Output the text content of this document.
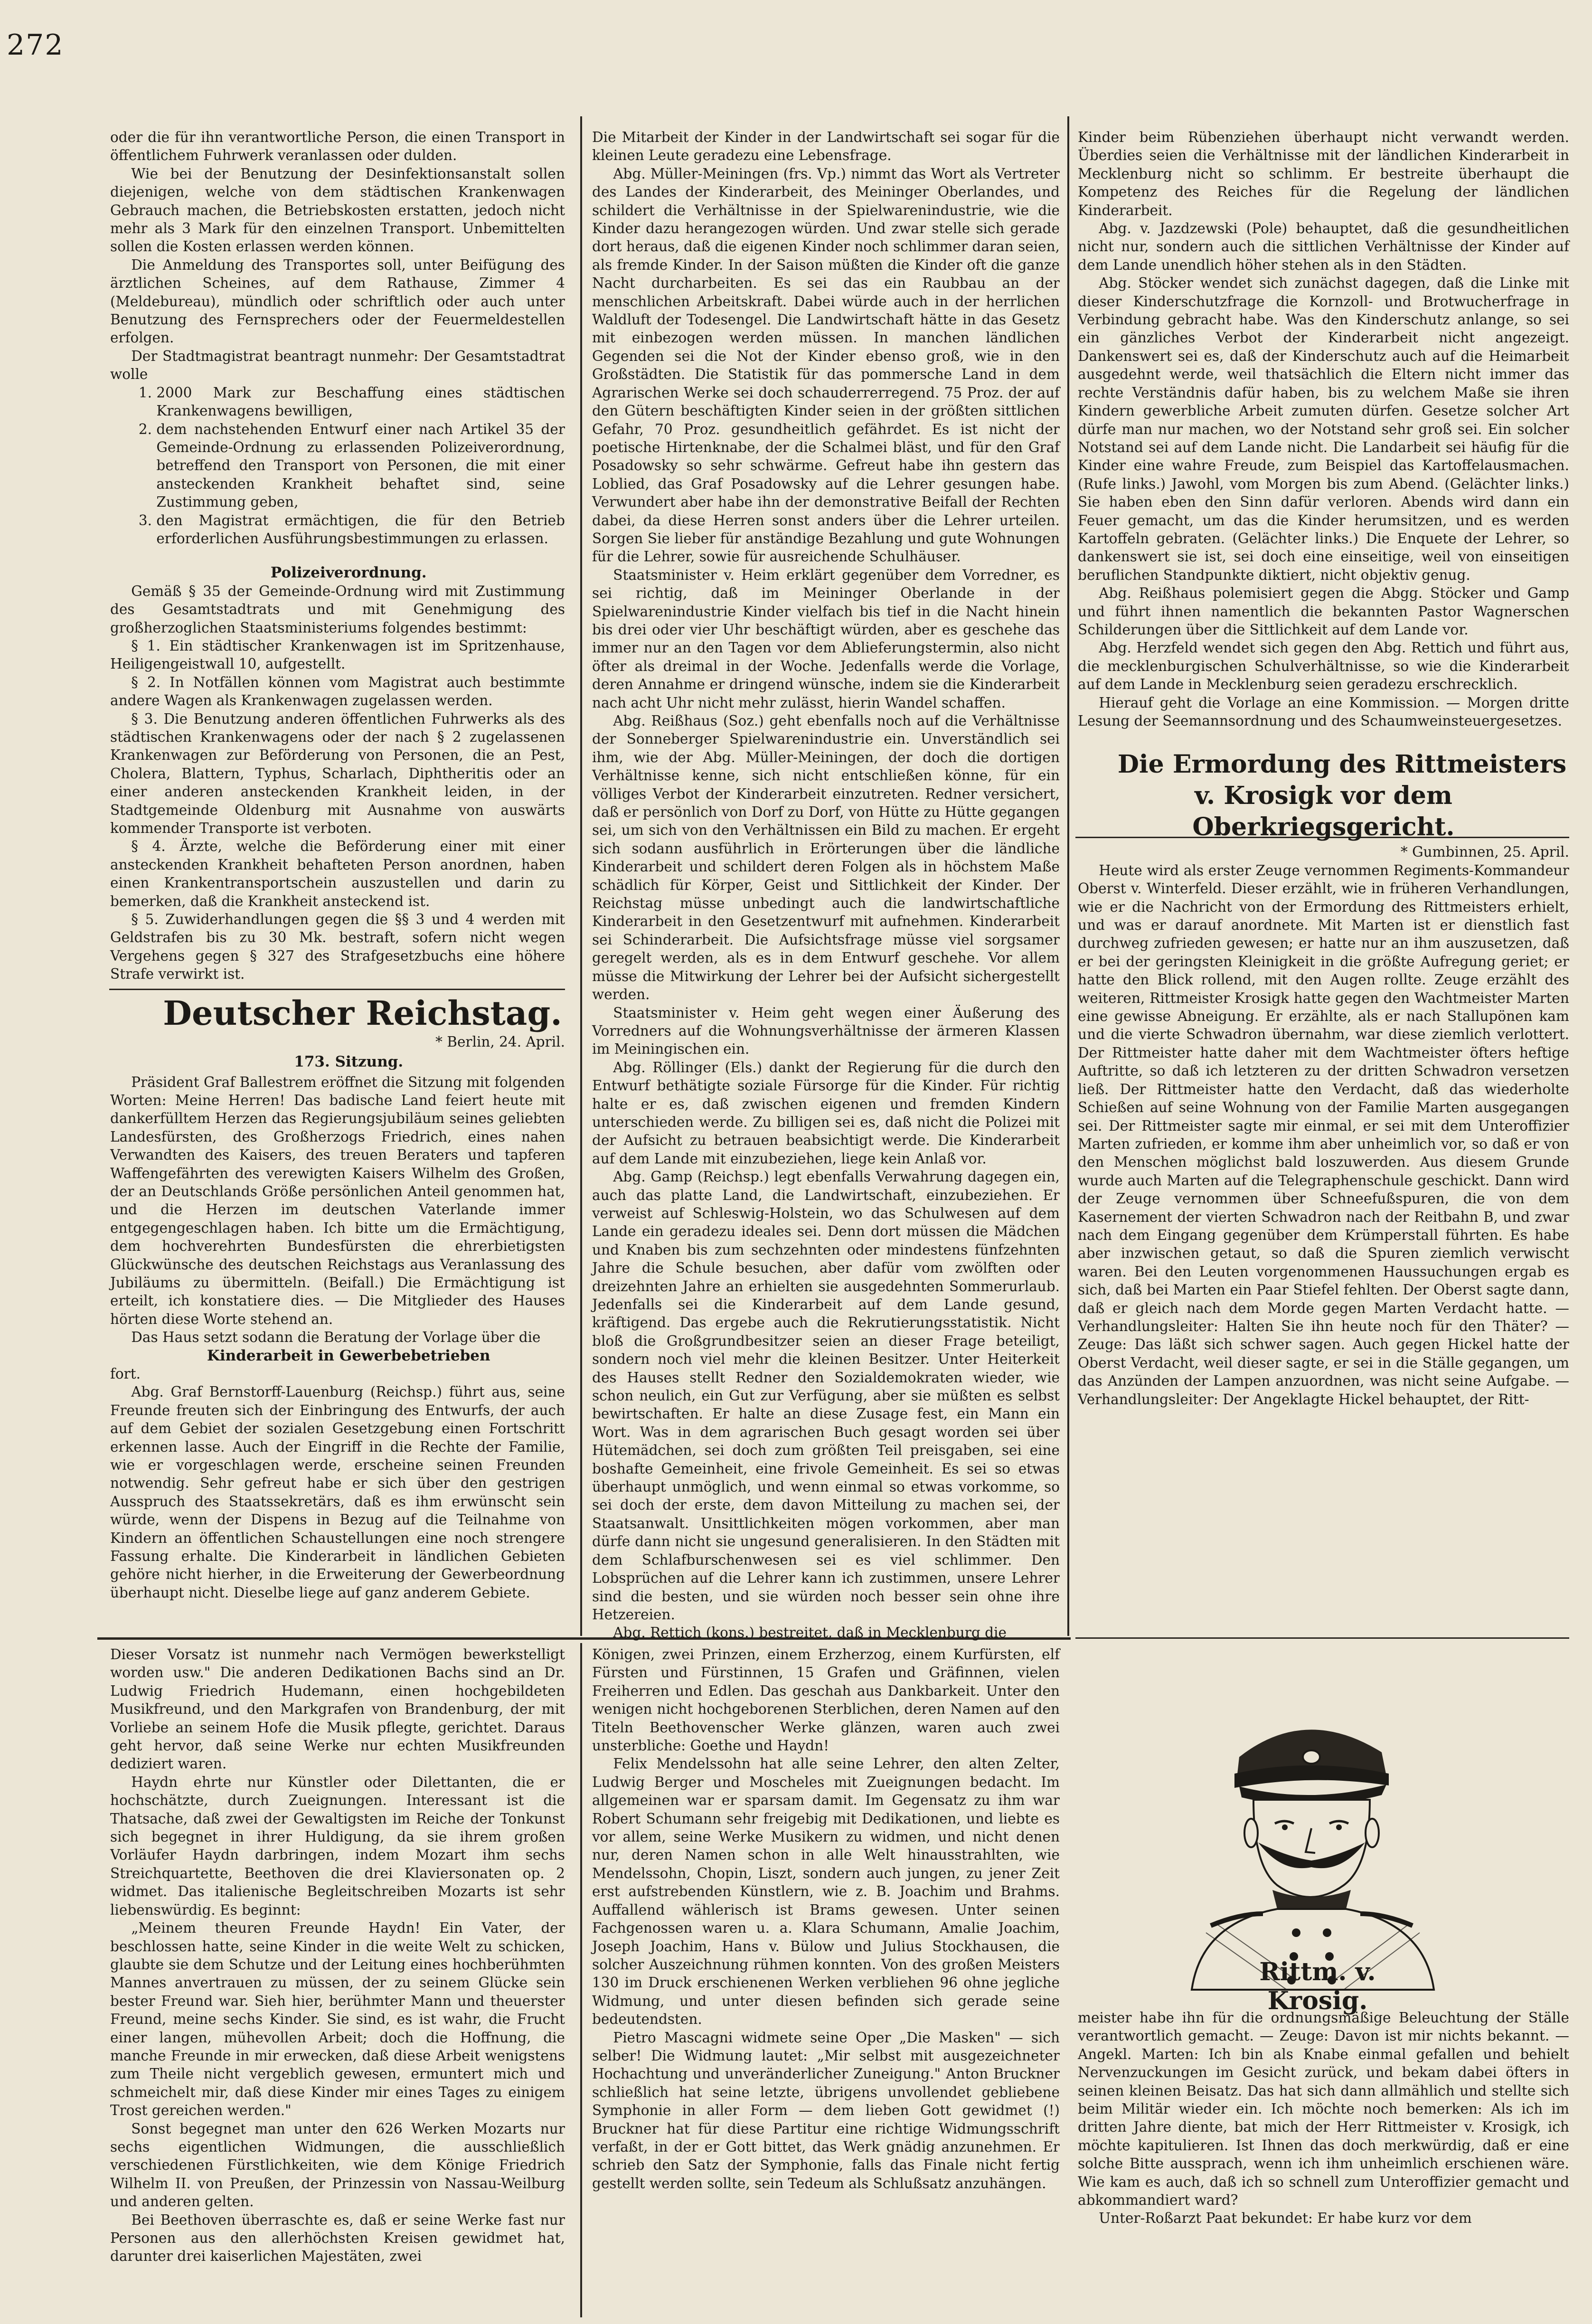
272

oder die für ihn verantwortliche Person, die einen Transport in öffentlichem Fuhrwerk veranlassen oder dulden.

Wie bei der Benutzung der Desinfektionsanstalt sollen diejenigen, welche von dem städtischen Krankenwagen Gebrauch machen, die Betriebskosten erstatten, jedoch nicht mehr als 3 Mark für den einzelnen Transport. Unbemittelten sollen die Kosten erlassen werden können.

Die Anmeldung des Transportes soll, unter Beifügung des ärztlichen Scheines, auf dem Rathause, Zimmer 4 (Meldebureau), mündlich oder schriftlich oder auch unter Benutzung des Fernsprechers oder der Feuermeldestellen erfolgen.

Der Stadtmagistrat beantragt nunmehr: Der Gesamtstadtrat wolle

1. 2000 Mark zur Beschaffung eines städtischen Krankenwagens bewilligen,
2. dem nachstehenden Entwurf einer nach Artikel 35 der Gemeinde-Ordnung zu erlassenden Polizeiverordnung, betreffend den Transport von Personen, die mit einer ansteckenden Krankheit behaftet sind, seine Zustimmung geben,
3. den Magistrat ermächtigen, die für den Betrieb erforderlichen Ausführungsbestimmungen zu erlassen.

Polizeiverordnung.

Gemäß § 35 der Gemeinde-Ordnung wird mit Zustimmung des Gesamtstadtrats und mit Genehmigung des großherzoglichen Staatsministeriums folgendes bestimmt:

§ 1. Ein städtischer Krankenwagen ist im Spritzenhause, Heiligengeistwall 10, aufgestellt.

§ 2. In Notfällen können vom Magistrat auch bestimmte andere Wagen als Krankenwagen zugelassen werden.

§ 3. Die Benutzung anderen öffentlichen Fuhrwerks als des städtischen Krankenwagens oder der nach § 2 zugelassenen Krankenwagen zur Beförderung von Personen, die an Pest, Cholera, Blattern, Typhus, Scharlach, Diphtheritis oder an einer anderen ansteckenden Krankheit leiden, in der Stadtgemeinde Oldenburg mit Ausnahme von auswärts kommender Transporte ist verboten.

§ 4. Ärzte, welche die Beförderung einer mit einer ansteckenden Krankheit behafteten Person anordnen, haben einen Krankentransportschein auszustellen und darin zu bemerken, daß die Krankheit ansteckend ist.

§ 5. Zuwiderhandlungen gegen die §§ 3 und 4 werden mit Geldstrafen bis zu 30 Mk. bestraft, sofern nicht wegen Vergehens gegen § 327 des Strafgesetzbuchs eine höhere Strafe verwirkt ist.

Deutscher Reichstag.

* Berlin, 24. April.

173. Sitzung.

Präsident Graf Ballestrem eröffnet die Sitzung mit folgenden Worten: Meine Herren! Das badische Land feiert heute mit dankerfülltem Herzen das Regierungsjubiläum seines geliebten Landesfürsten, des Großherzogs Friedrich, eines nahen Verwandten des Kaisers, des treuen Beraters und tapferen Waffengefährten des verewigten Kaisers Wilhelm des Großen, der an Deutschlands Größe persönlichen Anteil genommen hat, und die Herzen im deutschen Vaterlande immer entgegengeschlagen haben. Ich bitte um die Ermächtigung, dem hochverehrten Bundesfürsten die ehrerbietigsten Glückwünsche des deutschen Reichstags aus Veranlassung des Jubiläums zu übermitteln. (Beifall.) Die Ermächtigung ist erteilt, ich konstatiere dies. — Die Mitglieder des Hauses hörten diese Worte stehend an.

Das Haus setzt sodann die Beratung der Vorlage über die

Kinderarbeit in Gewerbebetrieben

fort.

Abg. Graf Bernstorff-Lauenburg (Reichsp.) führt aus, seine Freunde freuten sich der Einbringung des Entwurfs, der auch auf dem Gebiet der sozialen Gesetzgebung einen Fortschritt erkennen lasse. Auch der Eingriff in die Rechte der Familie, wie er vorgeschlagen werde, erscheine seinen Freunden notwendig. Sehr gefreut habe er sich über den gestrigen Ausspruch des Staatssekretärs, daß es ihm erwünscht sein würde, wenn der Dispens in Bezug auf die Teilnahme von Kindern an öffentlichen Schaustellungen eine noch strengere Fassung erhalte. Die Kinderarbeit in ländlichen Gebieten gehöre nicht hierher, in die Erweiterung der Gewerbeordnung überhaupt nicht. Dieselbe liege auf ganz anderem Gebiete.

Die Mitarbeit der Kinder in der Landwirtschaft sei sogar für die kleinen Leute geradezu eine Lebensfrage.

Abg. Müller-Meiningen (frs. Vp.) nimmt das Wort als Vertreter des Landes der Kinderarbeit, des Meininger Oberlandes, und schildert die Verhältnisse in der Spielwarenindustrie, wie die Kinder dazu herangezogen würden. Und zwar stelle sich gerade dort heraus, daß die eigenen Kinder noch schlimmer daran seien, als fremde Kinder. In der Saison müßten die Kinder oft die ganze Nacht durcharbeiten. Es sei das ein Raubbau an der menschlichen Arbeitskraft. Dabei würde auch in der herrlichen Waldluft der Todesengel. Die Landwirtschaft hätte in das Gesetz mit einbezogen werden müssen. In manchen ländlichen Gegenden sei die Not der Kinder ebenso groß, wie in den Großstädten. Die Statistik für das pommersche Land in dem Agrarischen Werke sei doch schauderrerregend. 75 Proz. der auf den Gütern beschäftigten Kinder seien in der größten sittlichen Gefahr, 70 Proz. gesundheitlich gefährdet. Es ist nicht der poetische Hirtenknabe, der die Schalmei bläst, und für den Graf Posadowsky so sehr schwärme. Gefreut habe ihn gestern das Loblied, das Graf Posadowsky auf die Lehrer gesungen habe. Verwundert aber habe ihn der demonstrative Beifall der Rechten dabei, da diese Herren sonst anders über die Lehrer urteilen. Sorgen Sie lieber für anständige Bezahlung und gute Wohnungen für die Lehrer, sowie für ausreichende Schulhäuser.

Staatsminister v. Heim erklärt gegenüber dem Vorredner, es sei richtig, daß im Meininger Oberlande in der Spielwarenindustrie Kinder vielfach bis tief in die Nacht hinein bis drei oder vier Uhr beschäftigt würden, aber es geschehe das immer nur an den Tagen vor dem Ablieferungstermin, also nicht öfter als dreimal in der Woche. Jedenfalls werde die Vorlage, deren Annahme er dringend wünsche, indem sie die Kinderarbeit nach acht Uhr nicht mehr zulässt, hierin Wandel schaffen.

Abg. Reißhaus (Soz.) geht ebenfalls noch auf die Verhältnisse der Sonneberger Spielwarenindustrie ein. Unverständlich sei ihm, wie der Abg. Müller-Meiningen, der doch die dortigen Verhältnisse kenne, sich nicht entschließen könne, für ein völliges Verbot der Kinderarbeit einzutreten. Redner versichert, daß er persönlich von Dorf zu Dorf, von Hütte zu Hütte gegangen sei, um sich von den Verhältnissen ein Bild zu machen. Er ergeht sich sodann ausführlich in Erörterungen über die ländliche Kinderarbeit und schildert deren Folgen als in höchstem Maße schädlich für Körper, Geist und Sittlichkeit der Kinder. Der Reichstag müsse unbedingt auch die landwirtschaftliche Kinderarbeit in den Gesetzentwurf mit aufnehmen. Kinderarbeit sei Schinderarbeit. Die Aufsichtsfrage müsse viel sorgsamer geregelt werden, als es in dem Entwurf geschehe. Vor allem müsse die Mitwirkung der Lehrer bei der Aufsicht sichergestellt werden.

Staatsminister v. Heim geht wegen einer Äußerung des Vorredners auf die Wohnungsverhältnisse der ärmeren Klassen im Meiningischen ein.

Abg. Röllinger (Els.) dankt der Regierung für die durch den Entwurf bethätigte soziale Fürsorge für die Kinder. Für richtig halte er es, daß zwischen eigenen und fremden Kindern unterschieden werde. Zu billigen sei es, daß nicht die Polizei mit der Aufsicht zu betrauen beabsichtigt werde. Die Kinderarbeit auf dem Lande mit einzubeziehen, liege kein Anlaß vor.

Abg. Gamp (Reichsp.) legt ebenfalls Verwahrung dagegen ein, auch das platte Land, die Landwirtschaft, einzubeziehen. Er verweist auf Schleswig-Holstein, wo das Schulwesen auf dem Lande ein geradezu ideales sei. Denn dort müssen die Mädchen und Knaben bis zum sechzehnten oder mindestens fünfzehnten Jahre die Schule besuchen, aber dafür vom zwölften oder dreizehnten Jahre an erhielten sie ausgedehnten Sommerurlaub. Jedenfalls sei die Kinderarbeit auf dem Lande gesund, kräftigend. Das ergebe auch die Rekrutierungsstatistik. Nicht bloß die Großgrundbesitzer seien an dieser Frage beteiligt, sondern noch viel mehr die kleinen Besitzer. Unter Heiterkeit des Hauses stellt Redner den Sozialdemokraten wieder, wie schon neulich, ein Gut zur Verfügung, aber sie müßten es selbst bewirtschaften. Er halte an diese Zusage fest, ein Mann ein Wort. Was in dem agrarischen Buch gesagt worden sei über Hütemädchen, sei doch zum größten Teil preisgaben, sei eine boshafte Gemeinheit, eine frivole Gemeinheit. Es sei so etwas überhaupt unmöglich, und wenn einmal so etwas vorkomme, so sei doch der erste, dem davon Mitteilung zu machen sei, der Staatsanwalt. Unsittlichkeiten mögen vorkommen, aber man dürfe dann nicht sie ungesund generalisieren. In den Städten mit dem Schlafburschenwesen sei es viel schlimmer. Den Lobsprüchen auf die Lehrer kann ich zustimmen, unsere Lehrer sind die besten, und sie würden noch besser sein ohne ihre Hetzereien.

Abg. Rettich (kons.) bestreitet, daß in Mecklenburg die

Kinder beim Rübenziehen überhaupt nicht verwandt werden. Überdies seien die Verhältnisse mit der ländlichen Kinderarbeit in Mecklenburg nicht so schlimm. Er bestreite überhaupt die Kompetenz des Reiches für die Regelung der ländlichen Kinderarbeit.

Abg. v. Jazdzewski (Pole) behauptet, daß die gesundheitlichen nicht nur, sondern auch die sittlichen Verhältnisse der Kinder auf dem Lande unendlich höher stehen als in den Städten.

Abg. Stöcker wendet sich zunächst dagegen, daß die Linke mit dieser Kinderschutzfrage die Kornzoll- und Brotwucherfrage in Verbindung gebracht habe. Was den Kinderschutz anlange, so sei ein gänzliches Verbot der Kinderarbeit nicht angezeigt. Dankenswert sei es, daß der Kinderschutz auch auf die Heimarbeit ausgedehnt werde, weil thatsächlich die Eltern nicht immer das rechte Verständnis dafür haben, bis zu welchem Maße sie ihren Kindern gewerbliche Arbeit zumuten dürfen. Gesetze solcher Art dürfe man nur machen, wo der Notstand sehr groß sei. Ein solcher Notstand sei auf dem Lande nicht. Die Landarbeit sei häufig für die Kinder eine wahre Freude, zum Beispiel das Kartoffelausmachen. (Rufe links.) Jawohl, vom Morgen bis zum Abend. (Gelächter links.) Sie haben eben den Sinn dafür verloren. Abends wird dann ein Feuer gemacht, um das die Kinder herumsitzen, und es werden Kartoffeln gebraten. (Gelächter links.) Die Enquete der Lehrer, so dankenswert sie ist, sei doch eine einseitige, weil von einseitigen beruflichen Standpunkte diktiert, nicht objektiv genug.

Abg. Reißhaus polemisiert gegen die Abgg. Stöcker und Gamp und führt ihnen namentlich die bekannten Pastor Wagnerschen Schilderungen über die Sittlichkeit auf dem Lande vor.

Abg. Herzfeld wendet sich gegen den Abg. Rettich und führt aus, die mecklenburgischen Schulverhältnisse, so wie die Kinderarbeit auf dem Lande in Mecklenburg seien geradezu erschrecklich.

Hierauf geht die Vorlage an eine Kommission. — Morgen dritte Lesung der Seemannsordnung und des Schaumweinsteuergesetzes.

Die Ermordung des Rittmeisters v. Krosigk vor dem Oberkriegsgericht.

* Gumbinnen, 25. April.

Heute wird als erster Zeuge vernommen Regiments-Kommandeur Oberst v. Winterfeld. Dieser erzählt, wie in früheren Verhandlungen, wie er die Nachricht von der Ermordung des Rittmeisters erhielt, und was er darauf anordnete. Mit Marten ist er dienstlich fast durchweg zufrieden gewesen; er hatte nur an ihm auszusetzen, daß er bei der geringsten Kleinigkeit in die größte Aufregung geriet; er hatte den Blick rollend, mit den Augen rollte. Zeuge erzählt des weiteren, Rittmeister Krosigk hatte gegen den Wachtmeister Marten eine gewisse Abneigung. Er erzählte, als er nach Stallupönen kam und die vierte Schwadron übernahm, war diese ziemlich verlottert. Der Rittmeister hatte daher mit dem Wachtmeister öfters heftige Auftritte, so daß ich letzteren zu der dritten Schwadron versetzen ließ. Der Rittmeister hatte den Verdacht, daß das wiederholte Schießen auf seine Wohnung von der Familie Marten ausgegangen sei. Der Rittmeister sagte mir einmal, er sei mit dem Unteroffizier Marten zufrieden, er komme ihm aber unheimlich vor, so daß er von den Menschen möglichst bald loszuwerden. Aus diesem Grunde wurde auch Marten auf die Telegraphenschule geschickt. Dann wird der Zeuge vernommen über Schneefußspuren, die von dem Kasernement der vierten Schwadron nach der Reitbahn B, und zwar nach dem Eingang gegenüber dem Krümperstall führten. Es habe aber inzwischen getaut, so daß die Spuren ziemlich verwischt waren. Bei den Leuten vorgenommenen Haussuchungen ergab es sich, daß bei Marten ein Paar Stiefel fehlten. Der Oberst sagte dann, daß er gleich nach dem Morde gegen Marten Verdacht hatte. — Verhandlungsleiter: Halten Sie ihn heute noch für den Thäter? — Zeuge: Das läßt sich schwer sagen. Auch gegen Hickel hatte der Oberst Verdacht, weil dieser sagte, er sei in die Ställe gegangen, um das Anzünden der Lampen anzuordnen, was nicht seine Aufgabe. — Verhandlungsleiter: Der Angeklagte Hickel behauptet, der Ritt-

Rittm. v. Krosig.

meister habe ihn für die ordnungsmäßige Beleuchtung der Ställe verantwortlich gemacht. — Zeuge: Davon ist mir nichts bekannt. — Angekl. Marten: Ich bin als Knabe einmal gefallen und behielt Nervenzuckungen im Gesicht zurück, und bekam dabei öfters in seinen kleinen Beisatz. Das hat sich dann allmählich und stellte sich beim Militär wieder ein. Ich möchte noch bemerken: Als ich im dritten Jahre diente, bat mich der Herr Rittmeister v. Krosigk, ich möchte kapitulieren. Ist Ihnen das doch merkwürdig, daß er eine solche Bitte aussprach, wenn ich ihm unheimlich erschienen wäre. Wie kam es auch, daß ich so schnell zum Unteroffizier gemacht und abkommandiert ward?

Unter-Roßarzt Paat bekundet: Er habe kurz vor dem

Dieser Vorsatz ist nunmehr nach Vermögen bewerkstelligt worden usw." Die anderen Dedikationen Bachs sind an Dr. Ludwig Friedrich Hudemann, einen hochgebildeten Musikfreund, und den Markgrafen von Brandenburg, der mit Vorliebe an seinem Hofe die Musik pflegte, gerichtet. Daraus geht hervor, daß seine Werke nur echten Musikfreunden dediziert waren.

Haydn ehrte nur Künstler oder Dilettanten, die er hochschätzte, durch Zueignungen. Interessant ist die Thatsache, daß zwei der Gewaltigsten im Reiche der Tonkunst sich begegnet in ihrer Huldigung, da sie ihrem großen Vorläufer Haydn darbringen, indem Mozart ihm sechs Streichquartette, Beethoven die drei Klaviersonaten op. 2 widmet. Das italienische Begleitschreiben Mozarts ist sehr liebenswürdig. Es beginnt:

„Meinem theuren Freunde Haydn! Ein Vater, der beschlossen hatte, seine Kinder in die weite Welt zu schicken, glaubte sie dem Schutze und der Leitung eines hochberühmten Mannes anvertrauen zu müssen, der zu seinem Glücke sein bester Freund war. Sieh hier, berühmter Mann und theuerster Freund, meine sechs Kinder. Sie sind, es ist wahr, die Frucht einer langen, mühevollen Arbeit; doch die Hoffnung, die manche Freunde in mir erwecken, daß diese Arbeit wenigstens zum Theile nicht vergeblich gewesen, ermuntert mich und schmeichelt mir, daß diese Kinder mir eines Tages zu einigem Trost gereichen werden."

Sonst begegnet man unter den 626 Werken Mozarts nur sechs eigentlichen Widmungen, die ausschließlich verschiedenen Fürstlichkeiten, wie dem Könige Friedrich Wilhelm II. von Preußen, der Prinzessin von Nassau-Weilburg und anderen gelten.

Bei Beethoven überraschte es, daß er seine Werke fast nur Personen aus den allerhöchsten Kreisen gewidmet hat, darunter drei kaiserlichen Majestäten, zwei

Königen, zwei Prinzen, einem Erzherzog, einem Kurfürsten, elf Fürsten und Fürstinnen, 15 Grafen und Gräfinnen, vielen Freiherren und Edlen. Das geschah aus Dankbarkeit. Unter den wenigen nicht hochgeborenen Sterblichen, deren Namen auf den Titeln Beethovenscher Werke glänzen, waren auch zwei unsterbliche: Goethe und Haydn!

Felix Mendelssohn hat alle seine Lehrer, den alten Zelter, Ludwig Berger und Moscheles mit Zueignungen bedacht. Im allgemeinen war er sparsam damit. Im Gegensatz zu ihm war Robert Schumann sehr freigebig mit Dedikationen, und liebte es vor allem, seine Werke Musikern zu widmen, und nicht denen nur, deren Namen schon in alle Welt hinausstrahlten, wie Mendelssohn, Chopin, Liszt, sondern auch jungen, zu jener Zeit erst aufstrebenden Künstlern, wie z. B. Joachim und Brahms. Auffallend wählerisch ist Brams gewesen. Unter seinen Fachgenossen waren u. a. Klara Schumann, Amalie Joachim, Joseph Joachim, Hans v. Bülow und Julius Stockhausen, die solcher Auszeichnung rühmen konnten. Von des großen Meisters 130 im Druck erschienenen Werken verbliehen 96 ohne jegliche Widmung, und unter diesen befinden sich gerade seine bedeutendsten.

Pietro Mascagni widmete seine Oper „Die Masken" — sich selber! Die Widmung lautet: „Mir selbst mit ausgezeichneter Hochachtung und unveränderlicher Zuneigung." Anton Bruckner schließlich hat seine letzte, übrigens unvollendet gebliebene Symphonie in aller Form — dem lieben Gott gewidmet (!) Bruckner hat für diese Partitur eine richtige Widmungsschrift verfaßt, in der er Gott bittet, das Werk gnädig anzunehmen. Er schrieb den Satz der Symphonie, falls das Finale nicht fertig gestellt werden sollte, sein Tedeum als Schlußsatz anzuhängen.
